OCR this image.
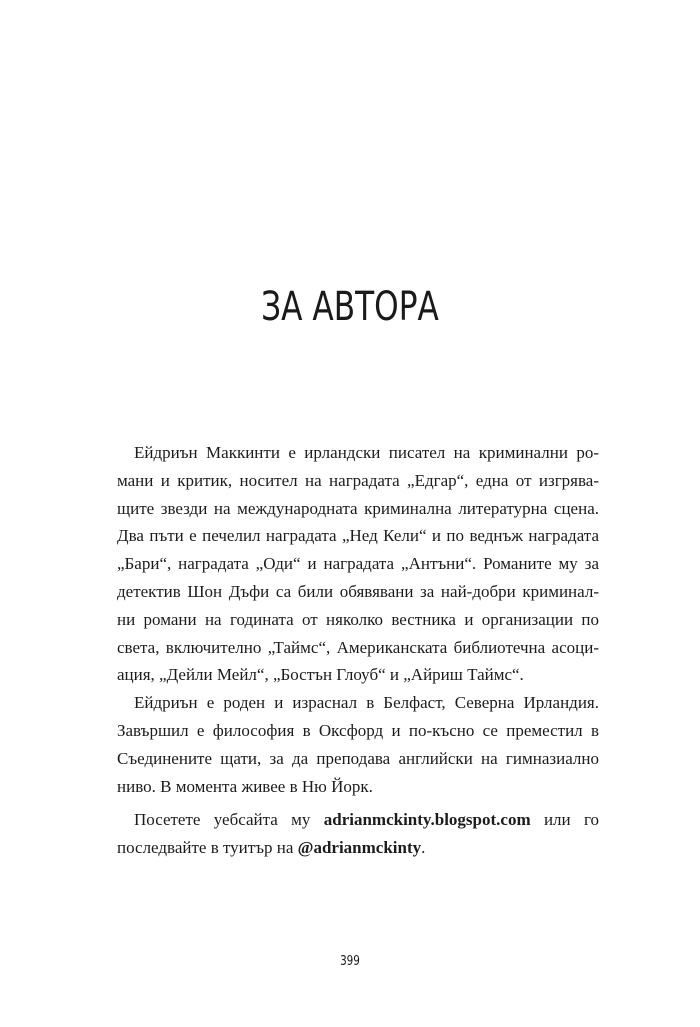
ЗА АВТОРА
Ейдриън Маккинти е ирландски писател на криминални ро-
мани и критик, носител на наградата „Едгар“, една от изгрява-
щите звезди на международната криминална литературна сцена.
Два пъти е печелил наградата „Нед Кели“ и по веднъж наградата
„Бари“, наградата „Оди“ и наградата „Антъни“. Романите му за
детектив Шон Дъфи са били обявявани за най-добри криминал-
ни романи на годината от няколко вестника и организации по
света, включително „Таймс“, Американската библиотечна асоци-
ация, „Дейли Мейл“, „Бостън Глоуб“ и „Айриш Таймс“.
Ейдриън е роден и израснал в Белфаст, Северна Ирландия.
Завършил е философия в Оксфорд и по-късно се преместил в
Съединените щати, за да преподава английски на гимназиално
ниво. В момента живее в Ню Йорк.
Посетете уебсайта му adrianmckinty.blogspot.com или го
последвайте в туитър на @adrianmckinty.
399
